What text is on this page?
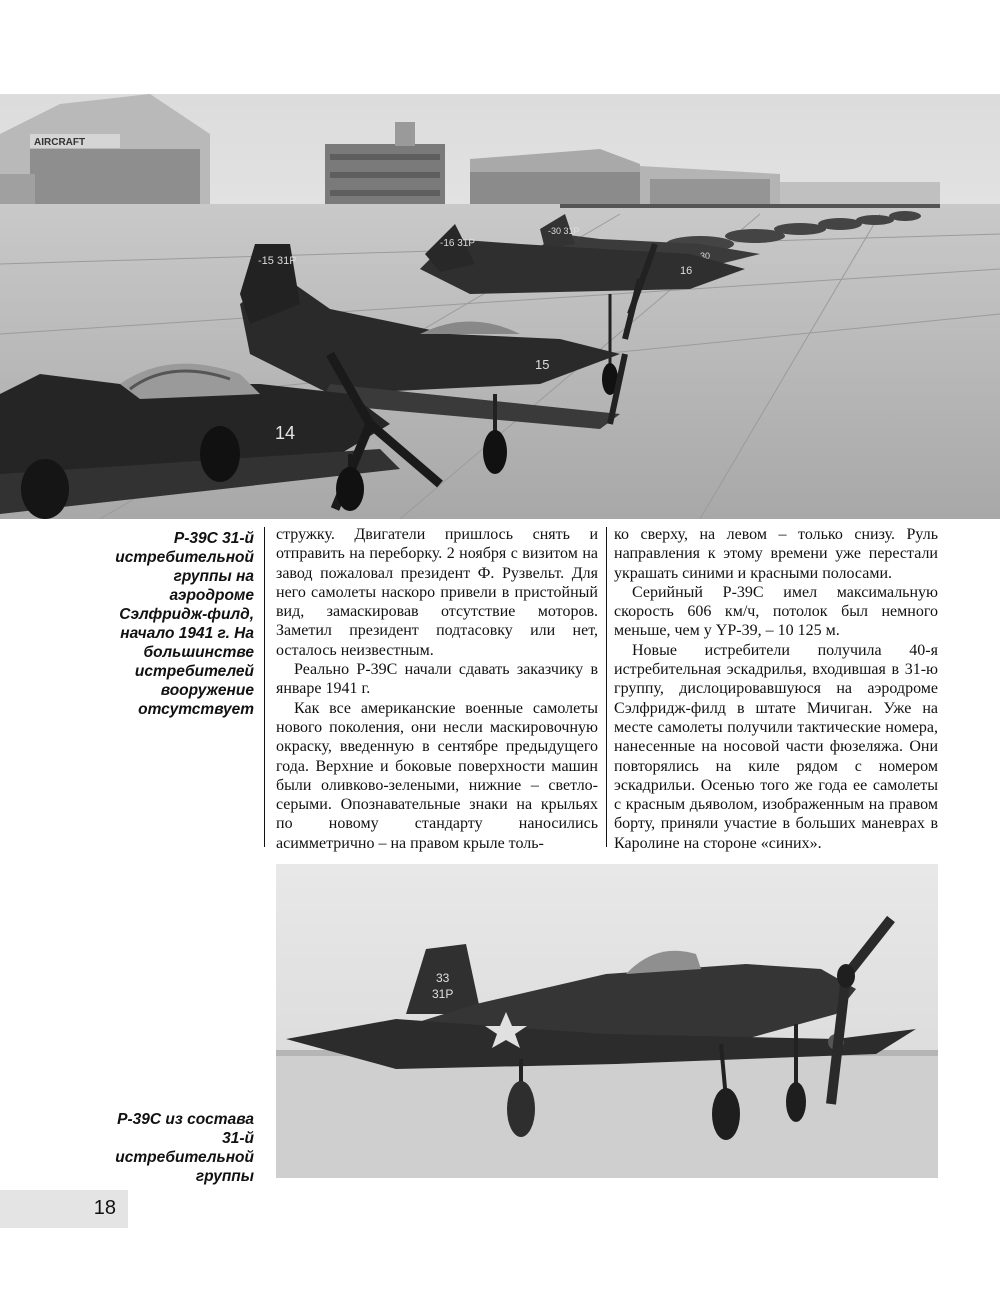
AIRCRAFT
-30 31P
30
-16 31P
16
-15 31P
15
14
Р-39С 31-й истребительной группы на аэродроме Сэлфридж-филд, начало 1941 г. На большинстве истребителей вооружение отсутствует

стружку. Двигатели пришлось снять и отправить на переборку. 2 ноября с визитом на завод пожаловал президент Ф. Рузвельт. Для него самолеты наскоро привели в пристойный вид, замаскировав отсутствие моторов. Заметил президент подтасовку или нет, осталось неизвестным.

Реально Р-39С начали сдавать заказчику в январе 1941 г.

Как все американские военные самолеты нового поколения, они несли маскировочную окраску, введенную в сентябре предыдущего года. Верхние и боковые поверхности машин были оливково-зелеными, нижние – светло-серыми. Опознавательные знаки на крыльях по новому стандарту наносились асимметрично – на правом крыле толь-

ко сверху, на левом – только снизу. Руль направления к этому времени уже перестали украшать синими и красными полосами.

Серийный Р-39С имел максимальную скорость 606 км/ч, потолок был немного меньше, чем у YP-39, – 10 125 м.

Новые истребители получила 40-я истребительная эскадрилья, входившая в 31-ю группу, дислоцировавшуюся на аэродроме Сэлфридж-филд в штате Мичиган. Уже на месте самолеты получили тактические номера, нанесенные на носовой части фюзеляжа. Они повторялись на киле рядом с номером эскадрильи. Осенью того же года ее самолеты с красным дьяволом, изображенным на правом борту, приняли участие в больших маневрах в Каролине на стороне «синих».

33
31P
Р-39С из состава 31-й истребительной группы
18
